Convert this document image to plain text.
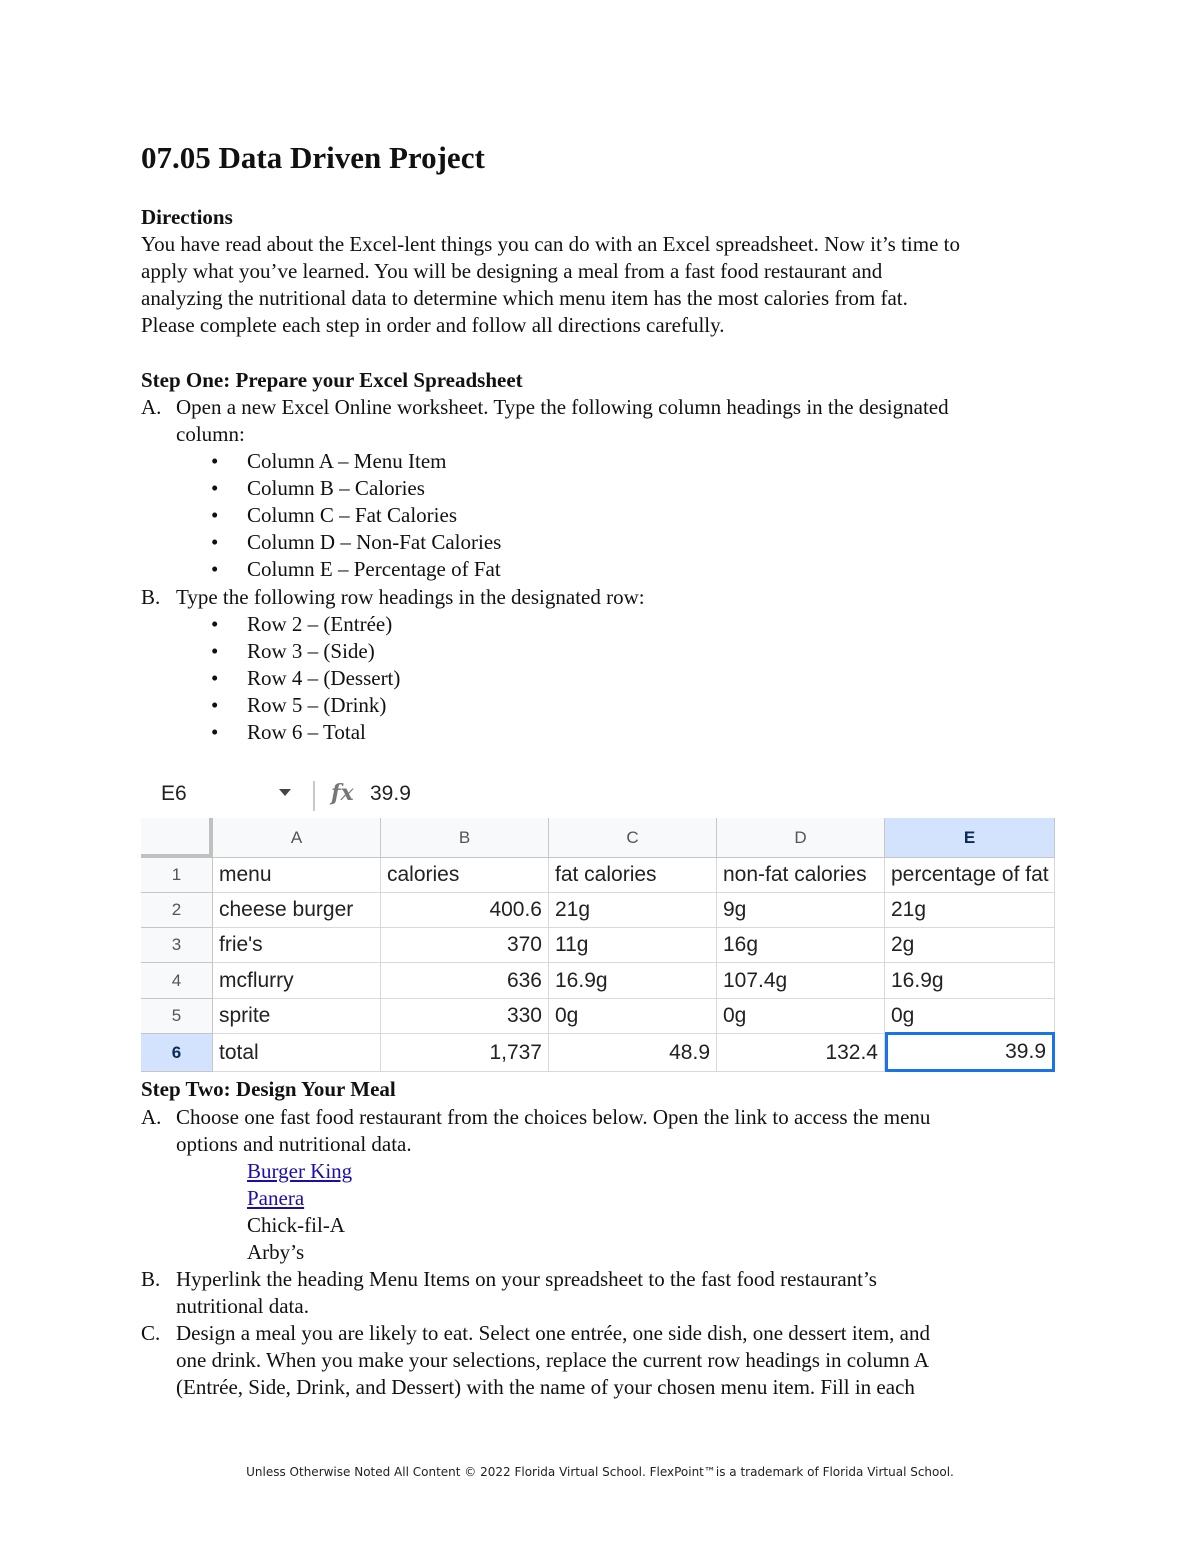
07.05 Data Driven Project
Directions
You have read about the Excel-lent things you can do with an Excel spreadsheet. Now it’s time to
apply what you’ve learned. You will be designing a meal from a fast food restaurant and
analyzing the nutritional data to determine which menu item has the most calories from fat.
Please complete each step in order and follow all directions carefully.
Step One: Prepare your Excel Spreadsheet
A. Open a new Excel Online worksheet. Type the following column headings in the designated
column:
• Column A – Menu Item
• Column B – Calories
• Column C – Fat Calories
• Column D – Non-Fat Calories
• Column E – Percentage of Fat
B. Type the following row headings in the designated row:
• Row 2 – (Entrée)
• Row 3 – (Side)
• Row 4 – (Dessert)
• Row 5 – (Drink)
• Row 6 – Total
E6	fx 39.9
A	B	C	D	E
1	menu	calories	fat calories	non-fat calories	percentage of fat
2	cheese burger	400.6 21g	9g	21g
3	frie's	370 11g	16g	2g
4	mcflurry	636 16.9g	107.4g	16.9g
5	sprite	330 0g	0g	0g
6	total	1,737	48.9	132.4	39.9
Step Two: Design Your Meal
A. Choose one fast food restaurant from the choices below. Open the link to access the menu
options and nutritional data.
Burger King
Panera
Chick-fil-A
Arby’s
B. Hyperlink the heading Menu Items on your spreadsheet to the fast food restaurant’s
nutritional data.
C. Design a meal you are likely to eat. Select one entrée, one side dish, one dessert item, and
one drink. When you make your selections, replace the current row headings in column A
(Entrée, Side, Drink, and Dessert) with the name of your chosen menu item. Fill in each
Unless Otherwise Noted All Content © 2022 Florida Virtual School. FlexPoint™is a trademark of Florida Virtual School.
